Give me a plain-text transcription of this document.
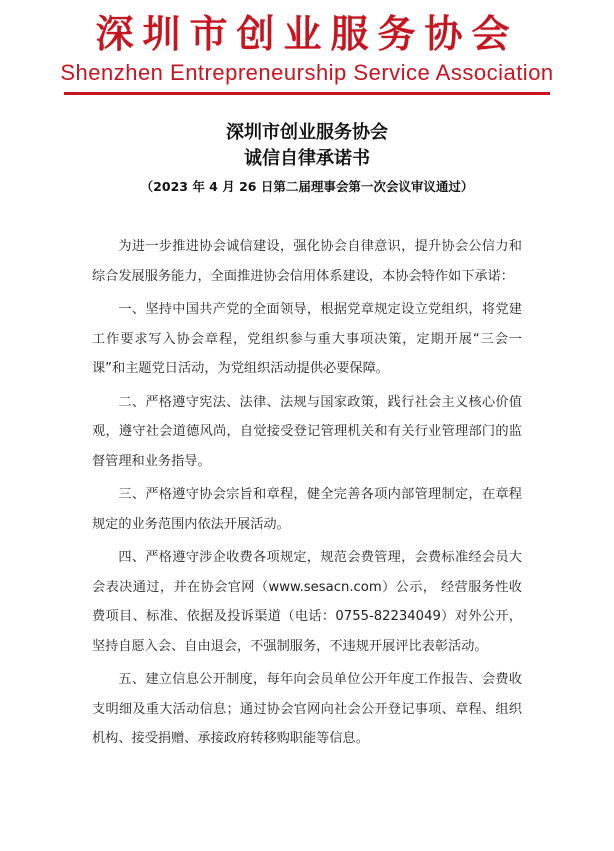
深圳市创业服务协会
Shenzhen Entrepreneurship Service Association
深圳市创业服务协会
诚信自律承诺书
（2023 年 4 月 26 日第二届理事会第一次会议审议通过）

为进一步推进协会诚信建设，强化协会自律意识，提升协会公信力和综合发展服务能力，全面推进协会信用体系建设，本协会特作如下承诺：

一、坚持中国共产党的全面领导，根据党章规定设立党组织，将党建工作要求写入协会章程，党组织参与重大事项决策，定期开展“三会一课”和主题党日活动，为党组织活动提供必要保障。

二、严格遵守宪法、法律、法规与国家政策，践行社会主义核心价值观，遵守社会道德风尚，自觉接受登记管理机关和有关行业管理部门的监督管理和业务指导。

三、严格遵守协会宗旨和章程，健全完善各项内部管理制定，在章程规定的业务范围内依法开展活动。

四、严格遵守涉企收费各项规定，规范会费管理，会费标准经会员大会表决通过，并在协会官网（www.sesacn.com）公示， 经营服务性收费项目、标准、依据及投诉渠道（电话：0755-82234049）对外公开， 坚持自愿入会、自由退会，不强制服务，不违规开展评比表彰活动。

五、建立信息公开制度，每年向会员单位公开年度工作报告、会费收支明细及重大活动信息；通过协会官网向社会公开登记事项、章程、组织机构、接受捐赠、承接政府转移购职能等信息。
